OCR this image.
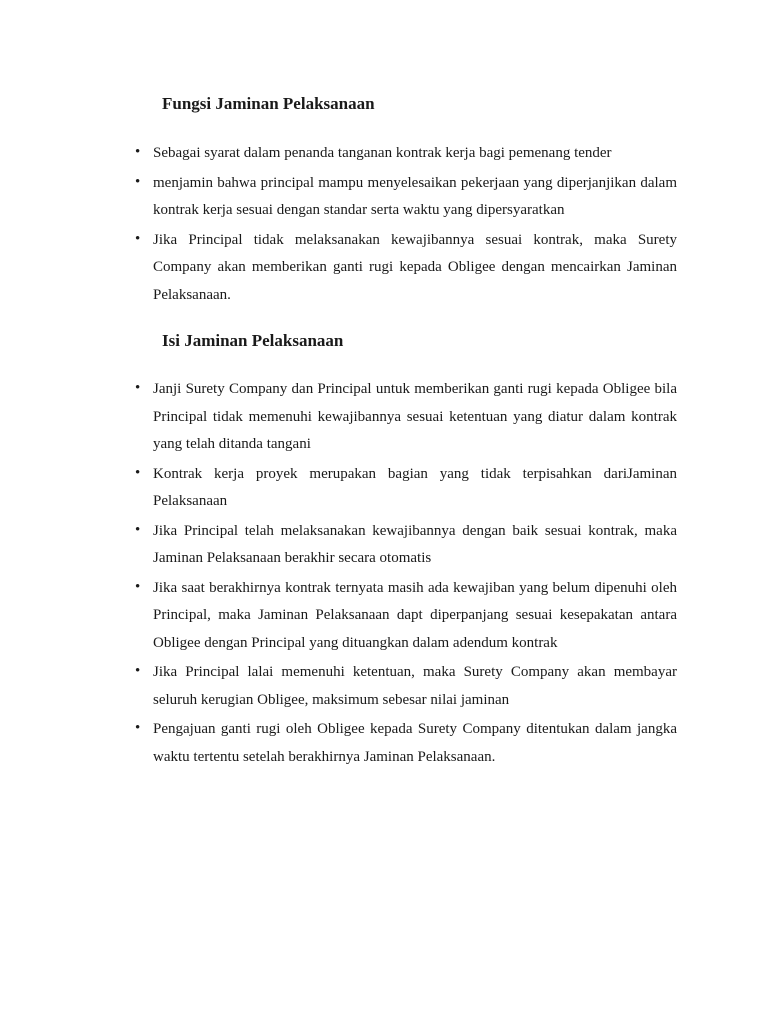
Fungsi Jaminan Pelaksanaan
• Sebagai syarat dalam penanda tanganan kontrak kerja bagi pemenang tender
• menjamin bahwa principal mampu menyelesaikan pekerjaan yang diperjanjikan dalam kontrak kerja sesuai dengan standar serta waktu yang dipersyaratkan
• Jika Principal tidak melaksanakan kewajibannya sesuai kontrak, maka Surety Company akan memberikan ganti rugi kepada Obligee dengan mencairkan Jaminan Pelaksanaan.
Isi Jaminan Pelaksanaan
• Janji Surety Company dan Principal untuk memberikan ganti rugi kepada Obligee bila Principal tidak memenuhi kewajibannya sesuai ketentuan yang diatur dalam kontrak yang telah ditanda tangani
• Kontrak kerja proyek merupakan bagian yang tidak terpisahkan dariJaminan Pelaksanaan
• Jika Principal telah melaksanakan kewajibannya dengan baik sesuai kontrak, maka Jaminan Pelaksanaan berakhir secara otomatis
• Jika saat berakhirnya kontrak ternyata masih ada kewajiban yang belum dipenuhi oleh Principal, maka Jaminan Pelaksanaan dapt diperpanjang sesuai kesepakatan antara Obligee dengan Principal yang dituangkan dalam adendum kontrak
• Jika Principal lalai memenuhi ketentuan, maka Surety Company akan membayar seluruh kerugian Obligee, maksimum sebesar nilai jaminan
• Pengajuan ganti rugi oleh Obligee kepada Surety Company ditentukan dalam jangka waktu tertentu setelah berakhirnya Jaminan Pelaksanaan.
